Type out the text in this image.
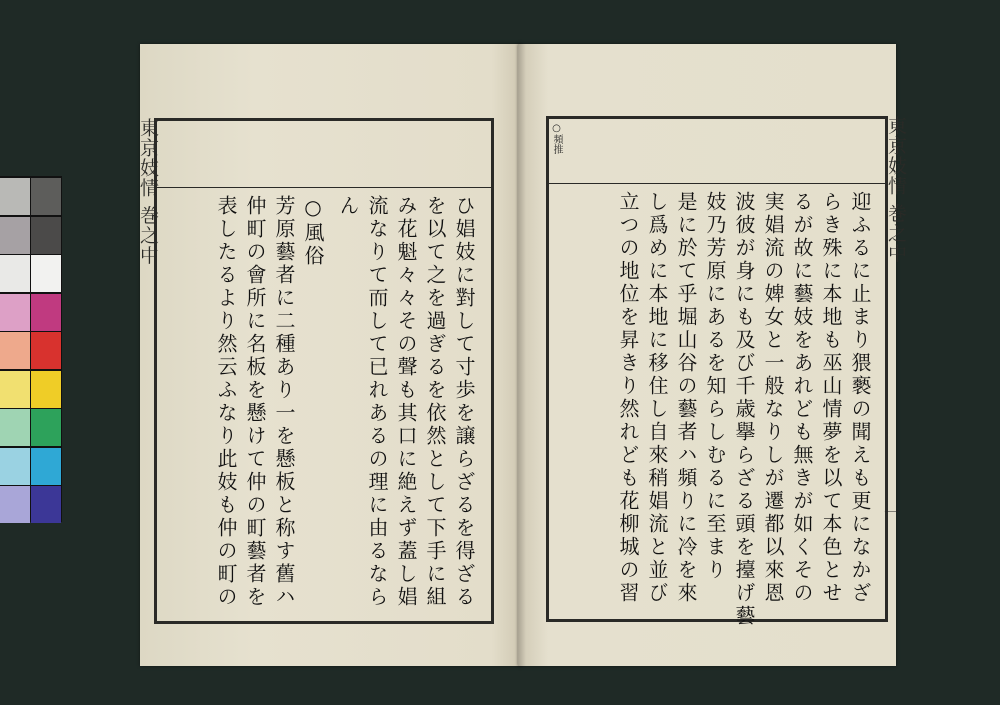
ひ娼妓に對して寸歩を譲らざるを得ざる
を以て之を過ぎるを依然として下手に組
み花魁々々その聲も其口に絶えず蓋し娼
流なりて而して已れあるの理に由るなら
ん
○風俗
芳原藝者に二種あり一を懸板と称す舊ハ
仲町の會所に名板を懸けて仲の町藝者を
表したるより然云ふなり此妓も仲の町の
東京妓情 巻之中
○頻推
迎ふるに止まり猥褻の聞えも更になかざ
らき殊に本地も巫山情夢を以て本色とせ
るが故に藝妓をあれども無きが如くその
実娼流の婢女と一般なりしが遷都以來恩
波彼が身にも及び千歳擧らざる頭を擡げ藝
妓乃芳原にあるを知らしむるに至まり
是に於て乎堀山谷の藝者ハ頻りに冷を來
し爲めに本地に移住し自來稍娼流と並び
立つの地位を昇きり然れども花柳城の習
東京妓情 巻之中
一
